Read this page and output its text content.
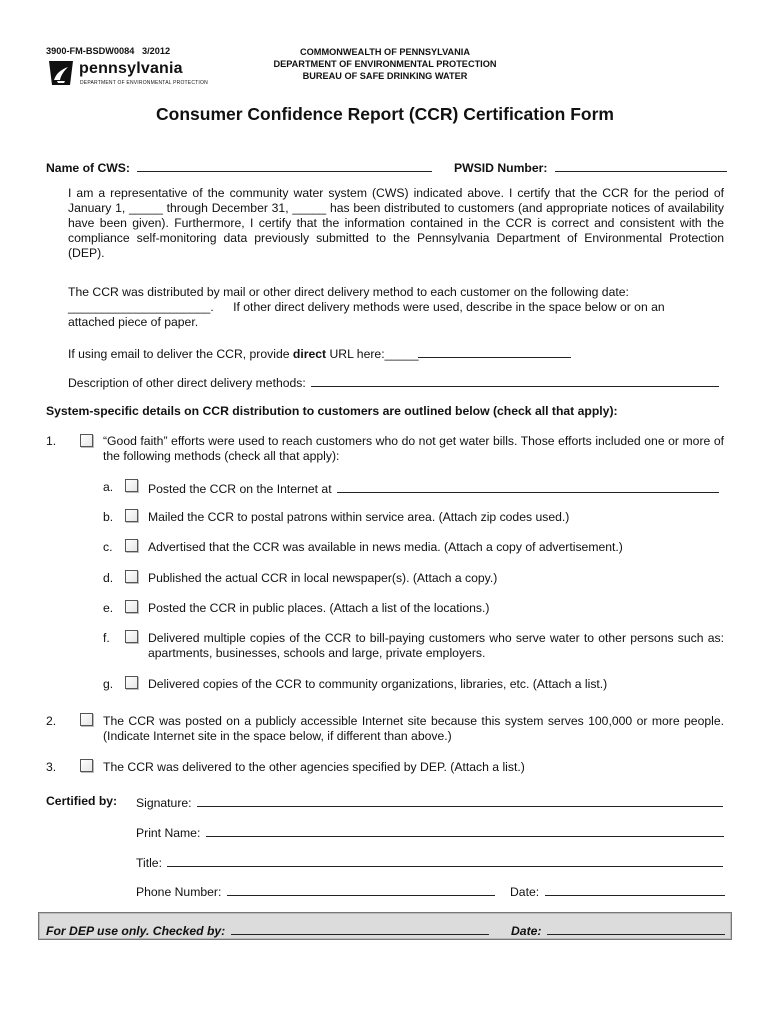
3900-FM-BSDW0084   3/2012
pennsylvania
DEPARTMENT OF ENVIRONMENTAL PROTECTION
COMMONWEALTH OF PENNSYLVANIA
DEPARTMENT OF ENVIRONMENTAL PROTECTION
BUREAU OF SAFE DRINKING WATER
Consumer Confidence Report (CCR) Certification Form
Name of CWS:	PWSID Number:
I am a representative of the community water system (CWS) indicated above. I certify that the CCR for the period of January 1, _____ through December 31, _____ has been distributed to customers (and appropriate notices of availability have been given). Furthermore, I certify that the information contained in the CCR is correct and consistent with the compliance self-monitoring data previously submitted to the Pennsylvania Department of Environmental Protection (DEP).
The CCR was distributed by mail or other direct delivery method to each customer on the following date:
_____________________. If other direct delivery methods were used, describe in the space below or on an
attached piece of paper.
If using email to deliver the CCR, provide direct URL here:_____
Description of other direct delivery methods:
System-specific details on CCR distribution to customers are outlined below (check all that apply):
1.	“Good faith” efforts were used to reach customers who do not get water bills. Those efforts included one or more of the following methods (check all that apply):
a.	Posted the CCR on the Internet at
b.	Mailed the CCR to postal patrons within service area. (Attach zip codes used.)
c.	Advertised that the CCR was available in news media. (Attach a copy of advertisement.)
d.	Published the actual CCR in local newspaper(s). (Attach a copy.)
e.	Posted the CCR in public places. (Attach a list of the locations.)
f.	Delivered multiple copies of the CCR to bill-paying customers who serve water to other persons such as: apartments, businesses, schools and large, private employers.
g.	Delivered copies of the CCR to community organizations, libraries, etc. (Attach a list.)
2.	The CCR was posted on a publicly accessible Internet site because this system serves 100,000 or more people. (Indicate Internet site in the space below, if different than above.)
3.	The CCR was delivered to the other agencies specified by DEP. (Attach a list.)
Certified by: Signature:
Print Name:
Title:
Phone Number:	Date:
For DEP use only. Checked by:	Date:
